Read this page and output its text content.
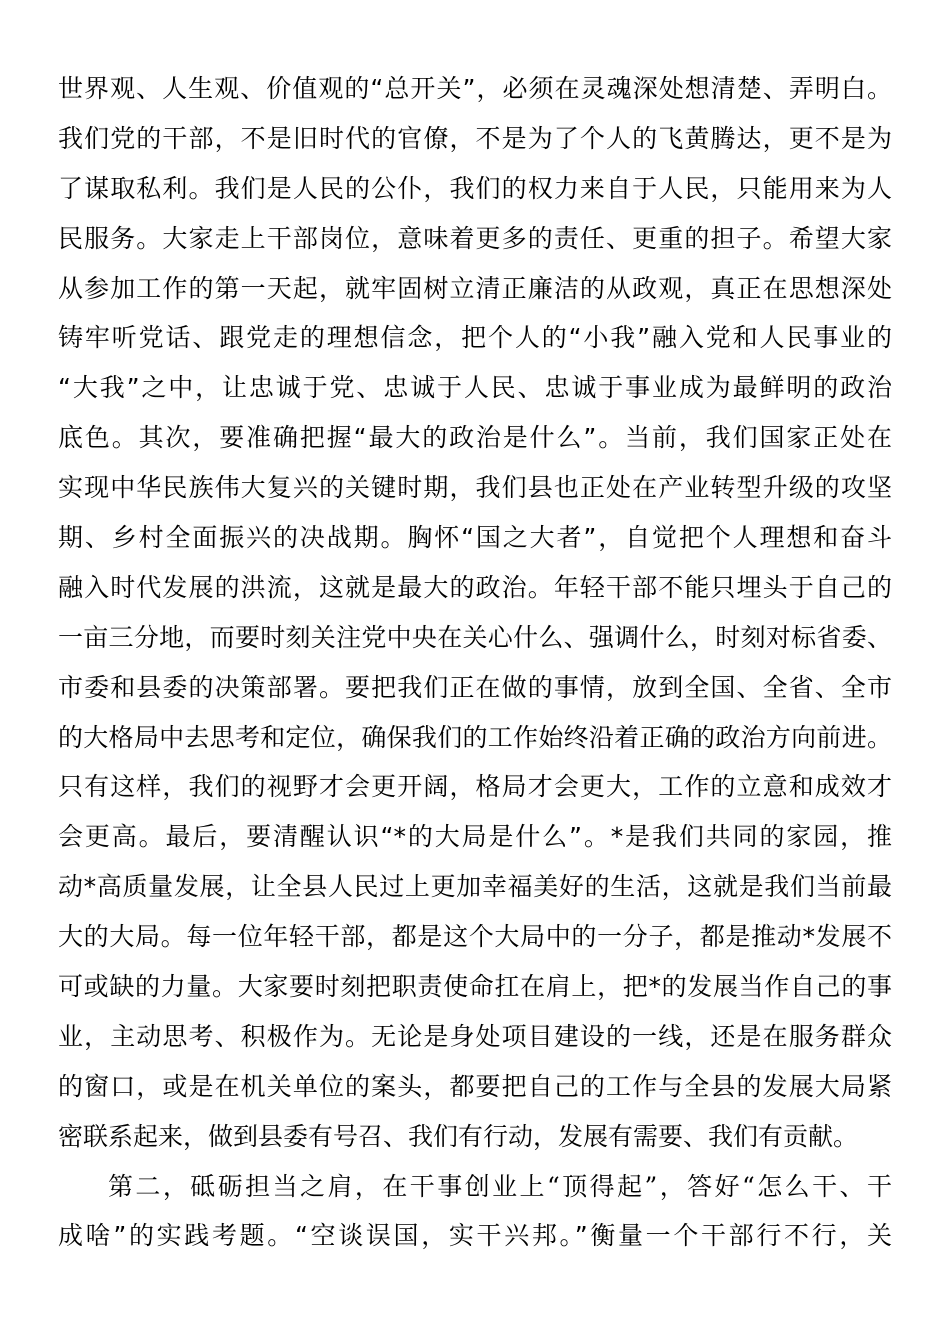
世界观、人生观、价值观的“总开关”，必须在灵魂深处想清楚、弄明白。
我们党的干部，不是旧时代的官僚，不是为了个人的飞黄腾达，更不是为
了谋取私利。我们是人民的公仆，我们的权力来自于人民，只能用来为人
民服务。大家走上干部岗位，意味着更多的责任、更重的担子。希望大家
从参加工作的第一天起，就牢固树立清正廉洁的从政观，真正在思想深处
铸牢听党话、跟党走的理想信念，把个人的“小我”融入党和人民事业的
“大我”之中，让忠诚于党、忠诚于人民、忠诚于事业成为最鲜明的政治
底色。其次，要准确把握“最大的政治是什么”。当前，我们国家正处在
实现中华民族伟大复兴的关键时期，我们县也正处在产业转型升级的攻坚
期、乡村全面振兴的决战期。胸怀“国之大者”，自觉把个人理想和奋斗
融入时代发展的洪流，这就是最大的政治。年轻干部不能只埋头于自己的
一亩三分地，而要时刻关注党中央在关心什么、强调什么，时刻对标省委、
市委和县委的决策部署。要把我们正在做的事情，放到全国、全省、全市
的大格局中去思考和定位，确保我们的工作始终沿着正确的政治方向前进。
只有这样，我们的视野才会更开阔，格局才会更大，工作的立意和成效才
会更高。最后，要清醒认识“*的大局是什么”。*是我们共同的家园，推
动*高质量发展，让全县人民过上更加幸福美好的生活，这就是我们当前最
大的大局。每一位年轻干部，都是这个大局中的一分子，都是推动*发展不
可或缺的力量。大家要时刻把职责使命扛在肩上，把*的发展当作自己的事
业，主动思考、积极作为。无论是身处项目建设的一线，还是在服务群众
的窗口，或是在机关单位的案头，都要把自己的工作与全县的发展大局紧
密联系起来，做到县委有号召、我们有行动，发展有需要、我们有贡献。
第二，砥砺担当之肩，在干事创业上“顶得起”，答好“怎么干、干
成啥”的实践考题。“空谈误国，实干兴邦。”衡量一个干部行不行，关
